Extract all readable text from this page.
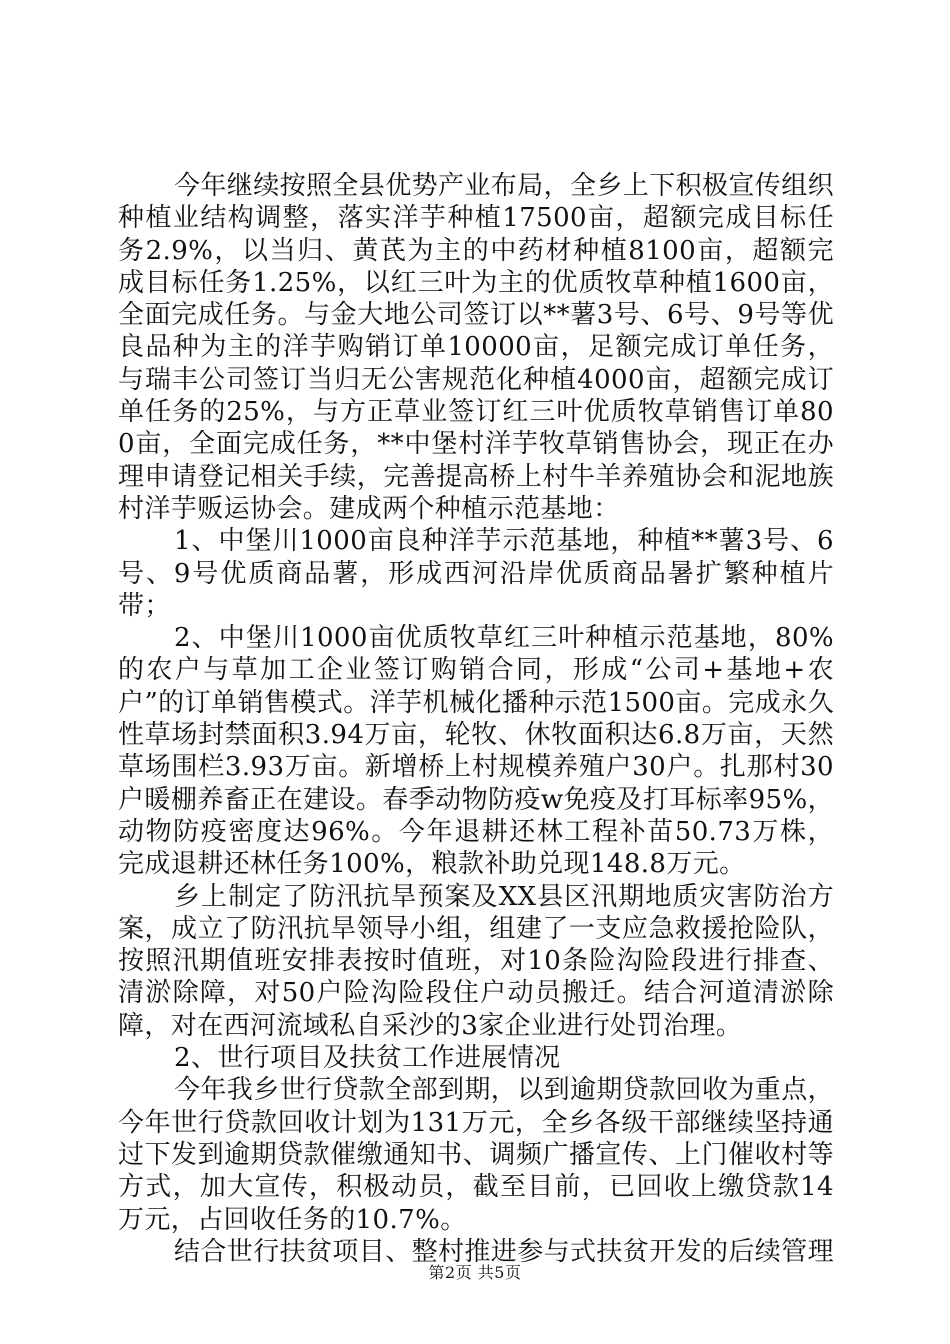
今年继续按照全县优势产业布局，全乡上下积极宣传组织种植业结构调整，落实洋芋种植17500亩，超额完成目标任务2.9%，以当归、黄芪为主的中药材种植8100亩，超额完成目标任务1.25%，以红三叶为主的优质牧草种植1600亩，全面完成任务。与金大地公司签订以**薯3号、6号、9号等优良品种为主的洋芋购销订单10000亩，足额完成订单任务，与瑞丰公司签订当归无公害规范化种植4000亩，超额完成订单任务的25%，与方正草业签订红三叶优质牧草销售订单800亩，全面完成任务，**中堡村洋芋牧草销售协会，现正在办理申请登记相关手续，完善提高桥上村牛羊养殖协会和泥地族村洋芋贩运协会。建成两个种植示范基地：

1、中堡川1000亩良种洋芋示范基地，种植**薯3号、6号、9号优质商品薯，形成西河沿岸优质商品暑扩繁种植片带；

2、中堡川1000亩优质牧草红三叶种植示范基地，80%的农户与草加工企业签订购销合同，形成“公司+基地+农户”的订单销售模式。洋芋机械化播种示范1500亩。完成永久性草场封禁面积3.94万亩，轮牧、休牧面积达6.8万亩，天然草场围栏3.93万亩。新增桥上村规模养殖户30户。扎那村30户暖棚养畜正在建设。春季动物防疫w免疫及打耳标率95%，动物防疫密度达96%。今年退耕还林工程补苗50.73万株，完成退耕还林任务100%，粮款补助兑现148.8万元。

乡上制定了防汛抗旱预案及XX县区汛期地质灾害防治方案，成立了防汛抗旱领导小组，组建了一支应急救援抢险队，按照汛期值班安排表按时值班，对10条险沟险段进行排查、清淤除障，对50户险沟险段住户动员搬迁。结合河道清淤除障，对在西河流域私自采沙的3家企业进行处罚治理。

2、世行项目及扶贫工作进展情况

今年我乡世行贷款全部到期，以到逾期贷款回收为重点，今年世行贷款回收计划为131万元，全乡各级干部继续坚持通过下发到逾期贷款催缴通知书、调频广播宣传、上门催收村等方式，加大宣传，积极动员，截至目前，已回收上缴贷款14万元，占回收任务的10.7%。

结合世行扶贫项目、整村推进参与式扶贫开发的后续管理

第2页 共5页
